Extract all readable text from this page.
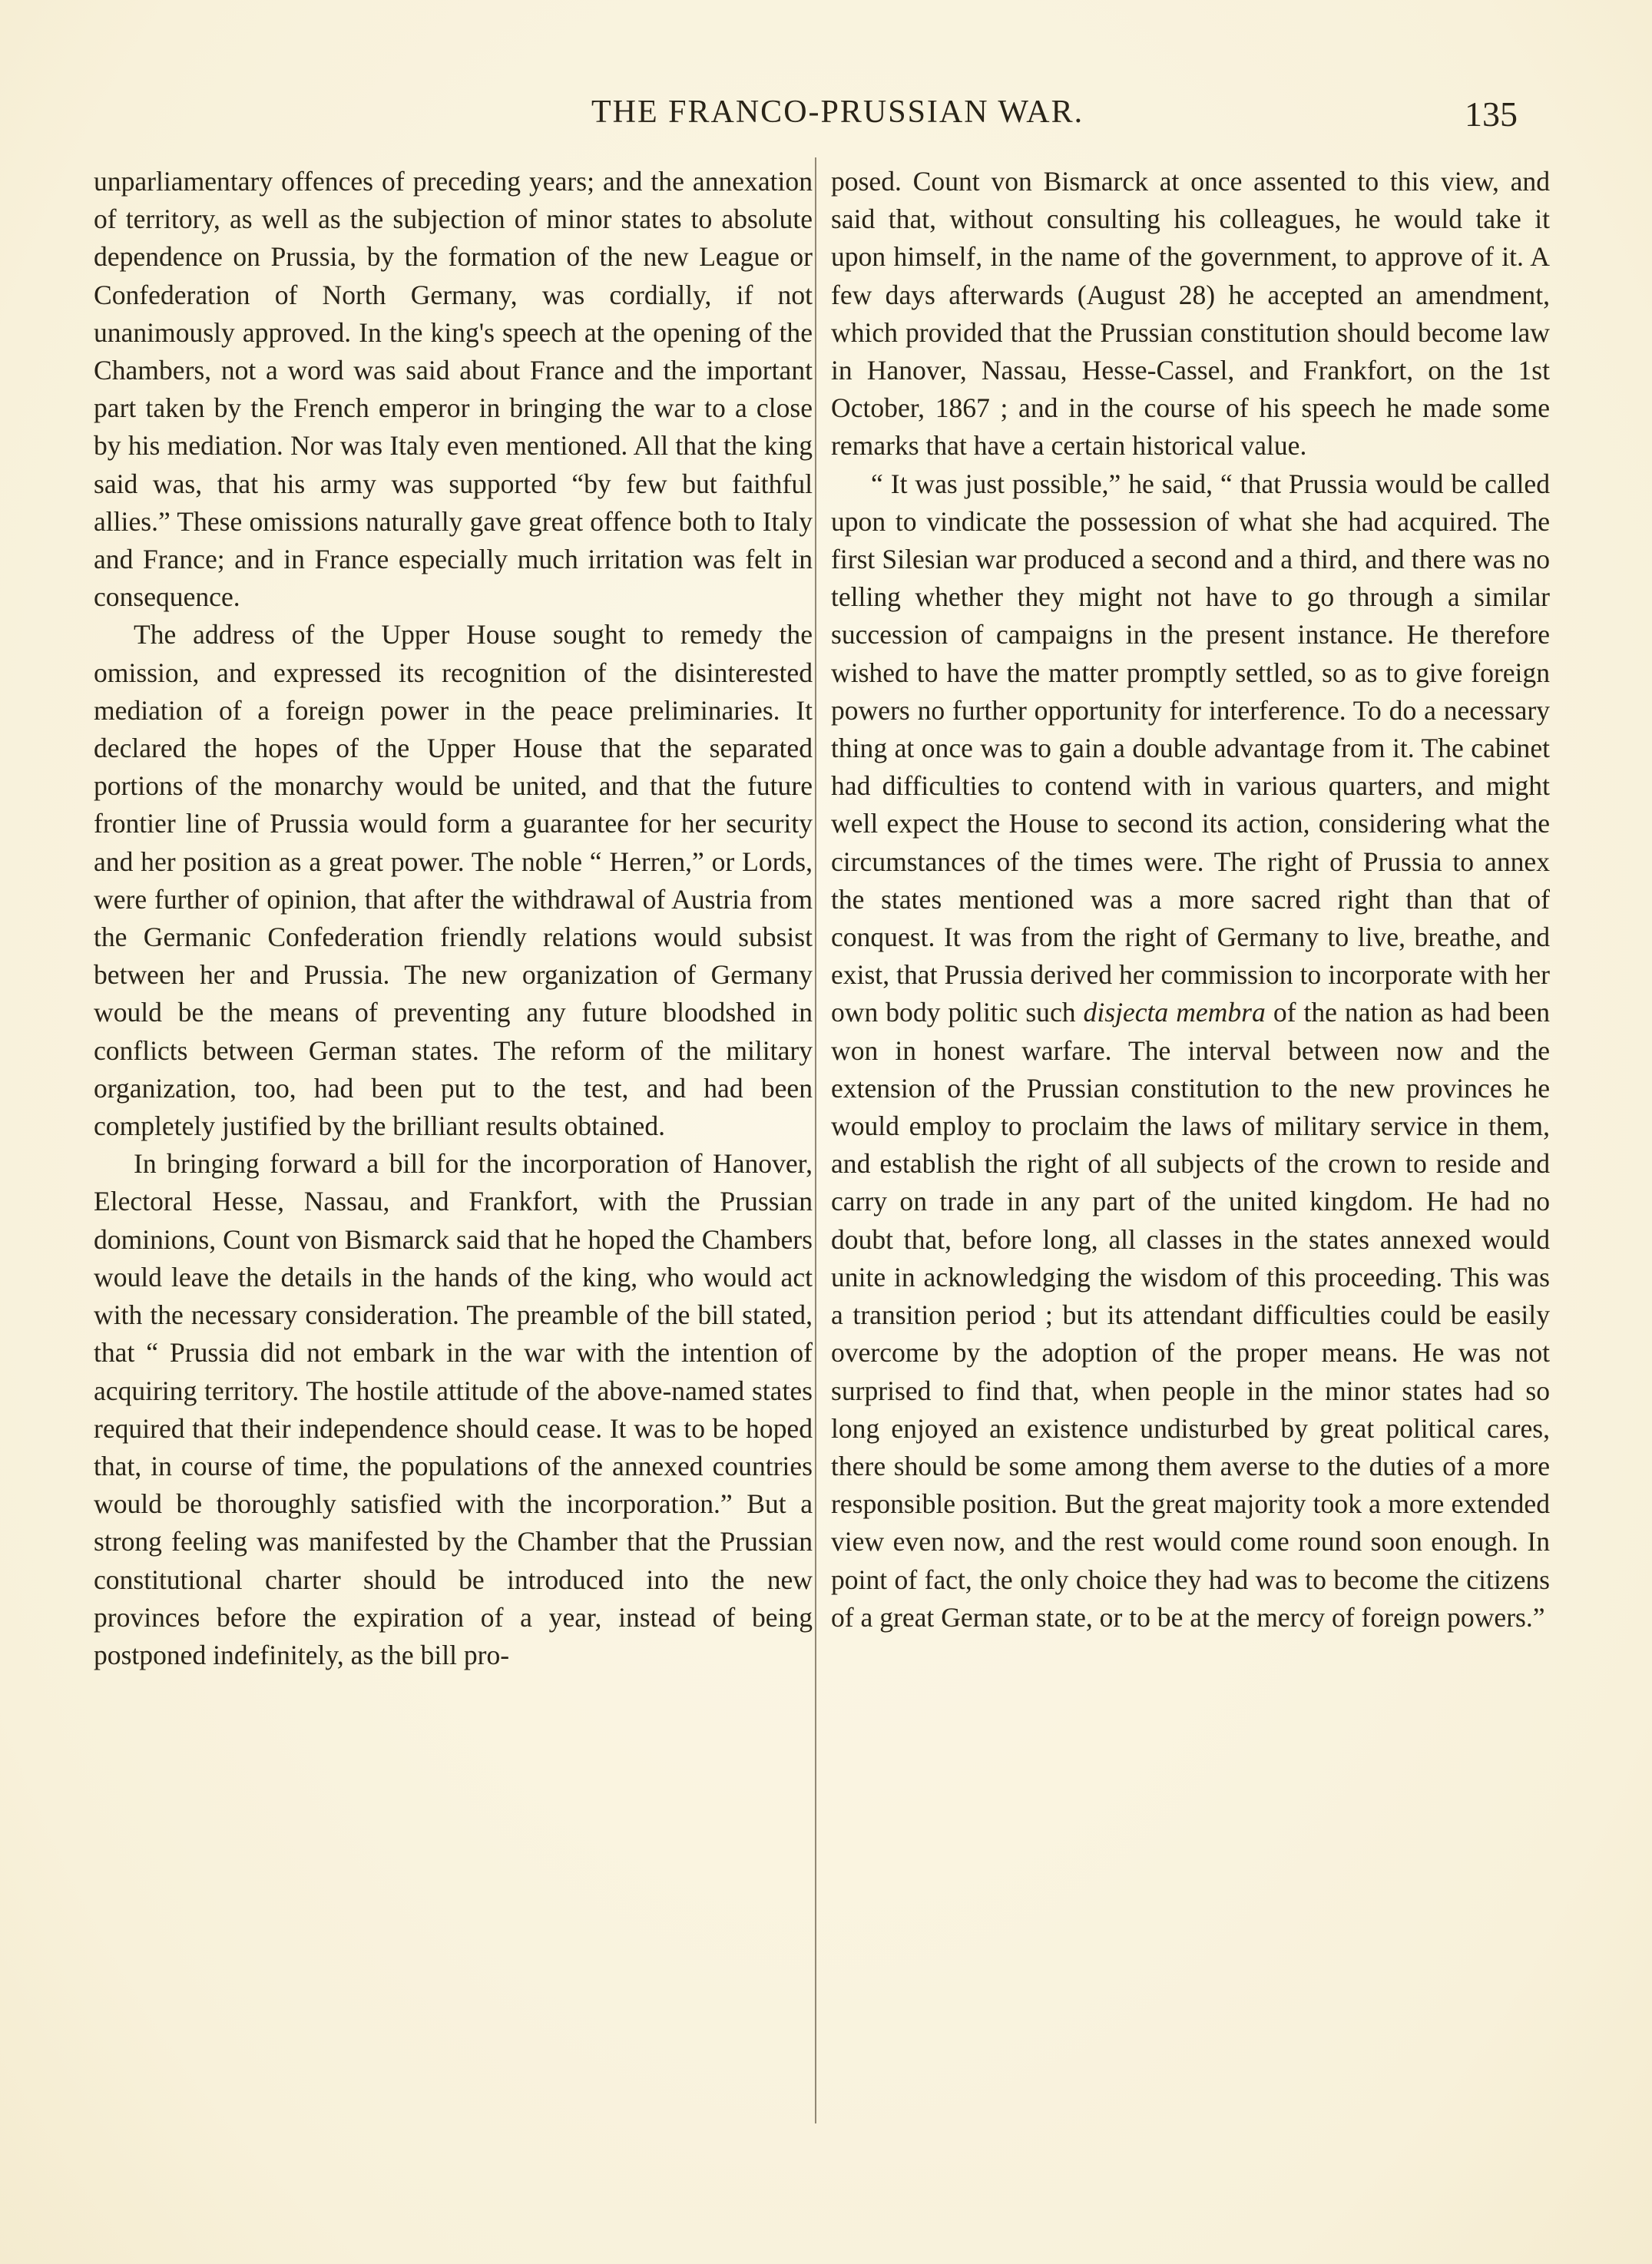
THE FRANCO-PRUSSIAN WAR.	135

unparliamentary offences of preceding years; and the annexation of territory, as well as the subjection of minor states to absolute dependence on Prussia, by the formation of the new League or Confederation of North Germany, was cordially, if not unanimously approved. In the king's speech at the opening of the Chambers, not a word was said about France and the important part taken by the French emperor in bringing the war to a close by his mediation. Nor was Italy even mentioned. All that the king said was, that his army was supported “by few but faithful allies.” These omissions naturally gave great offence both to Italy and France; and in France especially much irritation was felt in consequence.

The address of the Upper House sought to remedy the omission, and expressed its recognition of the disinterested mediation of a foreign power in the peace preliminaries. It declared the hopes of the Upper House that the separated portions of the monarchy would be united, and that the future frontier line of Prussia would form a guarantee for her security and her position as a great power. The noble “ Herren,” or Lords, were further of opinion, that after the withdrawal of Austria from the Germanic Confederation friendly relations would subsist between her and Prussia. The new organization of Germany would be the means of preventing any future bloodshed in conflicts between German states. The reform of the military organization, too, had been put to the test, and had been completely justified by the brilliant results obtained.

In bringing forward a bill for the incorporation of Hanover, Electoral Hesse, Nassau, and Frankfort, with the Prussian dominions, Count von Bismarck said that he hoped the Chambers would leave the details in the hands of the king, who would act with the necessary consideration. The preamble of the bill stated, that “ Prussia did not embark in the war with the intention of acquiring territory. The hostile attitude of the above-named states required that their independence should cease. It was to be hoped that, in course of time, the populations of the annexed countries would be thoroughly satisfied with the incorporation.” But a strong feeling was manifested by the Chamber that the Prussian constitutional charter should be introduced into the new provinces before the expiration of a year, instead of being postponed indefinitely, as the bill pro-

posed. Count von Bismarck at once assented to this view, and said that, without consulting his colleagues, he would take it upon himself, in the name of the government, to approve of it. A few days afterwards (August 28) he accepted an amendment, which provided that the Prussian constitution should become law in Hanover, Nassau, Hesse-Cassel, and Frankfort, on the 1st October, 1867 ; and in the course of his speech he made some remarks that have a certain historical value.

“ It was just possible,” he said, “ that Prussia would be called upon to vindicate the possession of what she had acquired. The first Silesian war produced a second and a third, and there was no telling whether they might not have to go through a similar succession of campaigns in the present instance. He therefore wished to have the matter promptly settled, so as to give foreign powers no further opportunity for interference. To do a necessary thing at once was to gain a double advantage from it. The cabinet had difficulties to contend with in various quarters, and might well expect the House to second its action, considering what the circumstances of the times were. The right of Prussia to annex the states mentioned was a more sacred right than that of conquest. It was from the right of Germany to live, breathe, and exist, that Prussia derived her commission to incorporate with her own body politic such disjecta membra of the nation as had been won in honest warfare. The interval between now and the extension of the Prussian constitution to the new provinces he would employ to proclaim the laws of military service in them, and establish the right of all subjects of the crown to reside and carry on trade in any part of the united kingdom. He had no doubt that, before long, all classes in the states annexed would unite in acknowledging the wisdom of this proceeding. This was a transition period ; but its attendant difficulties could be easily overcome by the adoption of the proper means. He was not surprised to find that, when people in the minor states had so long enjoyed an existence undisturbed by great political cares, there should be some among them averse to the duties of a more responsible position. But the great majority took a more extended view even now, and the rest would come round soon enough. In point of fact, the only choice they had was to become the citizens of a great German state, or to be at the mercy of foreign powers.”
